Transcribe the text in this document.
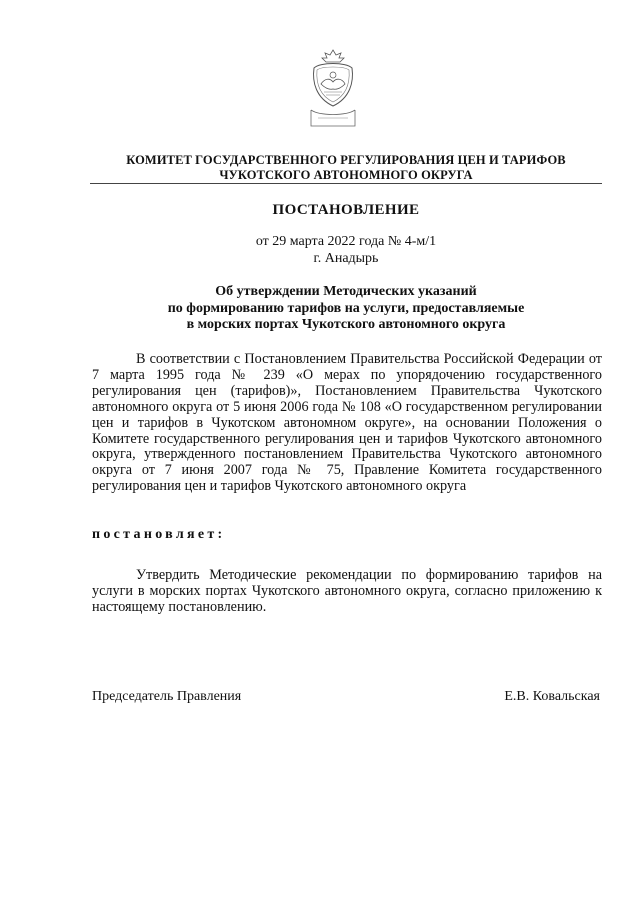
КОМИТЕТ ГОСУДАРСТВЕННОГО РЕГУЛИРОВАНИЯ ЦЕН И ТАРИФОВ
ЧУКОТСКОГО АВТОНОМНОГО ОКРУГА
ПОСТАНОВЛЕНИЕ
от 29 марта 2022 года № 4-м/1
г. Анадырь
Об утверждении Методических указаний
по формированию тарифов на услуги, предоставляемые
в морских портах Чукотского автономного округа
В соответствии с Постановлением Правительства Российской Федерации от 7 марта 1995 года № 239 «О мерах по упорядочению государственного регулирования цен (тарифов)», Постановлением Правительства Чукотского автономного округа от 5 июня 2006 года № 108 «О государственном регулировании цен и тарифов в Чукотском автономном округе», на основании Положения о Комитете государственного регулирования цен и тарифов Чукотского автономного округа, утвержденного постановлением Правительства Чукотского автономного округа от 7 июня 2007 года № 75, Правление Комитета государственного регулирования цен и тарифов Чукотского автономного округа
постановляет:
Утвердить Методические рекомендации по формированию тарифов на услуги в морских портах Чукотского автономного округа, согласно приложению к настоящему постановлению.
Председатель Правления	Е.В. Ковальская
